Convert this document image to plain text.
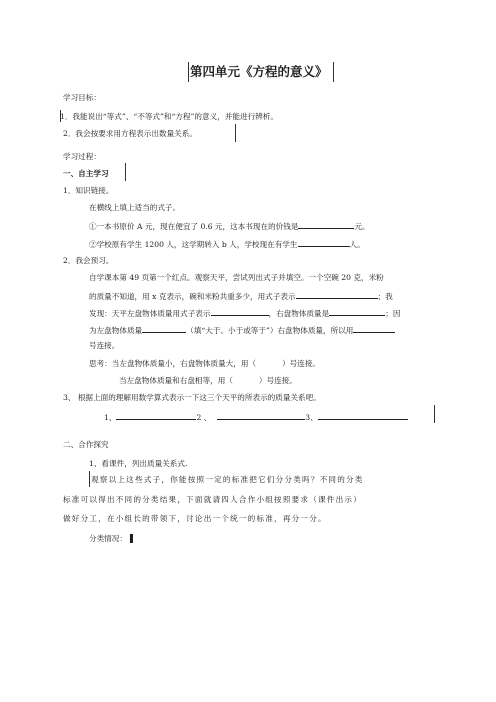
第四单元《方程的意义》
学习目标：
1．我能说出“等式”、“不等式”和“方程”的意义，并能进行辨析。
2．我会按要求用方程表示出数量关系。
学习过程：
一、自主学习
1．知识链接。
在横线上填上适当的式子。
①一本书原价 A 元，现在便宜了 0.6 元，这本书现在的价钱是	元。
②学校原有学生 1200 人，这学期转入 b 人，学校现在有学生	人。
2．我会预习。
自学课本第 49 页第一个红点。观察天平，尝试列出式子并填空。一个空碗 20 克，米粉
的质量不知道，用 x 克表示，碗和米粉共重多少，用式子表示	；我
发现：天平左盘物体质量用式子表示	，右盘物体质量是	；因
为左盘物体质量	（填“大于、小于或等于”）右盘物体质量，所以用
号连接。
思考：当左盘物体质量小，右盘物体质量大，用（	）号连接。
当左盘物体质量和右盘相等，用（	）号连接。
3、 根据上面的理解用数学算式表示一下这三个天平的所表示的质量关系吧。
1、	2 、	3、
二、合作探究
1、看课件，列出质量关系式.
观察以上这些式子，你能按照一定的标准把它们分分类吗？不同的分类
标准可以得出不同的分类结果，下面就请四人合作小组按照要求（课件出示）
做好分工，在小组长的带领下，讨论出一个统一的标准，再分一分。
分类情况：▐
